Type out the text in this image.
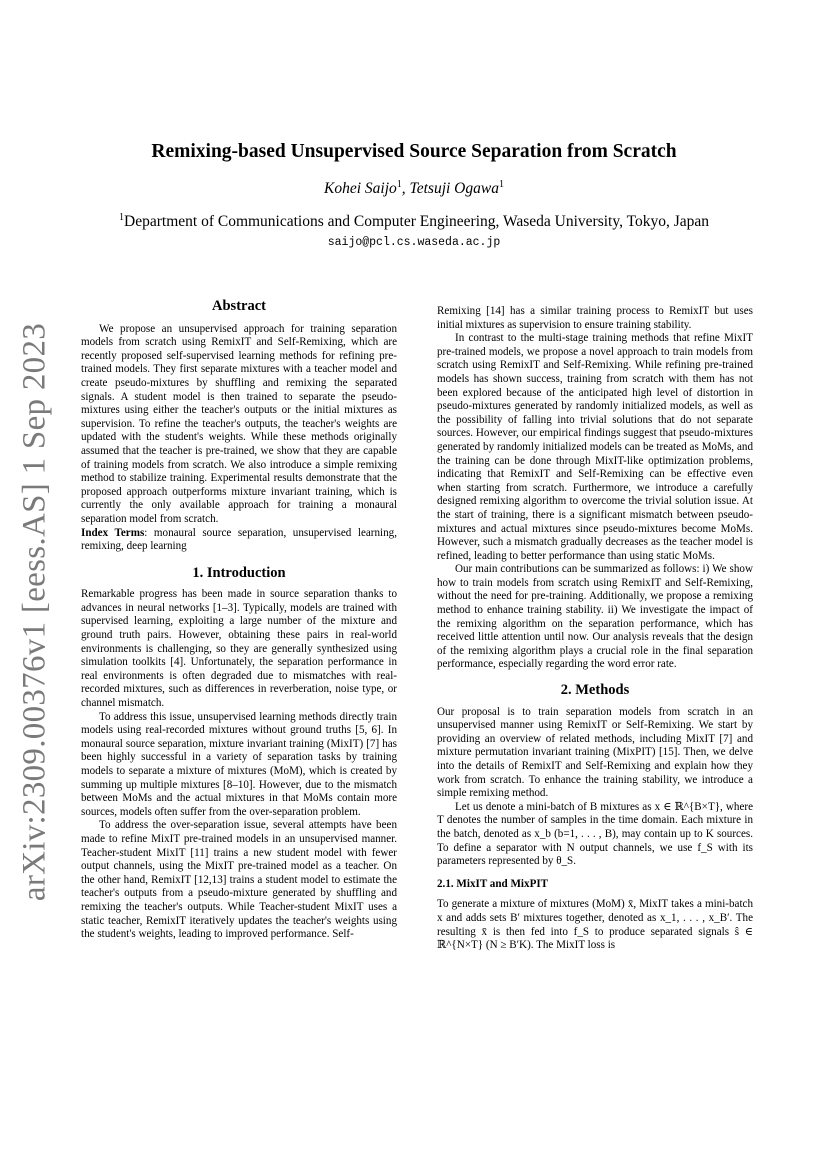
arXiv:2309.00376v1 [eess.AS] 1 Sep 2023
Remixing-based Unsupervised Source Separation from Scratch
Kohei Saijo$^1$, Tetsuji Ogawa$^1$
$^1$Department of Communications and Computer Engineering, Waseda University, Tokyo, Japan
saijo@pcl.cs.waseda.ac.jp
Abstract

We propose an unsupervised approach for training separation models from scratch using RemixIT and Self-Remixing, which are recently proposed self-supervised learning methods for refining pre-trained models. They first separate mixtures with a teacher model and create pseudo-mixtures by shuffling and remixing the separated signals. A student model is then trained to separate the pseudo-mixtures using either the teacher's outputs or the initial mixtures as supervision. To refine the teacher's outputs, the teacher's weights are updated with the student's weights. While these methods originally assumed that the teacher is pre-trained, we show that they are capable of training models from scratch. We also introduce a simple remixing method to stabilize training. Experimental results demonstrate that the proposed approach outperforms mixture invariant training, which is currently the only available approach for training a monaural separation model from scratch.

Index Terms: monaural source separation, unsupervised learning, remixing, deep learning

1. Introduction

Remarkable progress has been made in source separation thanks to advances in neural networks [1–3]. Typically, models are trained with supervised learning, exploiting a large number of the mixture and ground truth pairs. However, obtaining these pairs in real-world environments is challenging, so they are generally synthesized using simulation toolkits [4]. Unfortunately, the separation performance in real environments is often degraded due to mismatches with real-recorded mixtures, such as differences in reverberation, noise type, or channel mismatch.

To address this issue, unsupervised learning methods directly train models using real-recorded mixtures without ground truths [5, 6]. In monaural source separation, mixture invariant training (MixIT) [7] has been highly successful in a variety of separation tasks by training models to separate a mixture of mixtures (MoM), which is created by summing up multiple mixtures [8–10]. However, due to the mismatch between MoMs and the actual mixtures in that MoMs contain more sources, models often suffer from the over-separation problem.

To address the over-separation issue, several attempts have been made to refine MixIT pre-trained models in an unsupervised manner. Teacher-student MixIT [11] trains a new student model with fewer output channels, using the MixIT pre-trained model as a teacher. On the other hand, RemixIT [12,13] trains a student model to estimate the teacher's outputs from a pseudo-mixture generated by shuffling and remixing the teacher's outputs. While Teacher-student MixIT uses a static teacher, RemixIT iteratively updates the teacher's weights using the student's weights, leading to improved performance. Self-

Remixing [14] has a similar training process to RemixIT but uses initial mixtures as supervision to ensure training stability.

In contrast to the multi-stage training methods that refine MixIT pre-trained models, we propose a novel approach to train models from scratch using RemixIT and Self-Remixing. While refining pre-trained models has shown success, training from scratch with them has not been explored because of the anticipated high level of distortion in pseudo-mixtures generated by randomly initialized models, as well as the possibility of falling into trivial solutions that do not separate sources. However, our empirical findings suggest that pseudo-mixtures generated by randomly initialized models can be treated as MoMs, and the training can be done through MixIT-like optimization problems, indicating that RemixIT and Self-Remixing can be effective even when starting from scratch. Furthermore, we introduce a carefully designed remixing algorithm to overcome the trivial solution issue. At the start of training, there is a significant mismatch between pseudo-mixtures and actual mixtures since pseudo-mixtures become MoMs. However, such a mismatch gradually decreases as the teacher model is refined, leading to better performance than using static MoMs.

Our main contributions can be summarized as follows: i) We show how to train models from scratch using RemixIT and Self-Remixing, without the need for pre-training. Additionally, we propose a remixing method to enhance training stability. ii) We investigate the impact of the remixing algorithm on the separation performance, which has received little attention until now. Our analysis reveals that the design of the remixing algorithm plays a crucial role in the final separation performance, especially regarding the word error rate.

2. Methods

Our proposal is to train separation models from scratch in an unsupervised manner using RemixIT or Self-Remixing. We start by providing an overview of related methods, including MixIT [7] and mixture permutation invariant training (MixPIT) [15]. Then, we delve into the details of RemixIT and Self-Remixing and explain how they work from scratch. To enhance the training stability, we introduce a simple remixing method.

Let us denote a mini-batch of B mixtures as x ∈ ℝ^{B×T}, where T denotes the number of samples in the time domain. Each mixture in the batch, denoted as x_b (b=1, . . . , B), may contain up to K sources. To define a separator with N output channels, we use f_S with its parameters represented by θ_S.

2.1. MixIT and MixPIT

To generate a mixture of mixtures (MoM) x̄, MixIT takes a mini-batch x and adds sets B′ mixtures together, denoted as x_1, . . . , x_B′. The resulting x̄ is then fed into f_S to produce separated signals ŝ ∈ ℝ^{N×T} (N ≥ B′K). The MixIT loss is
